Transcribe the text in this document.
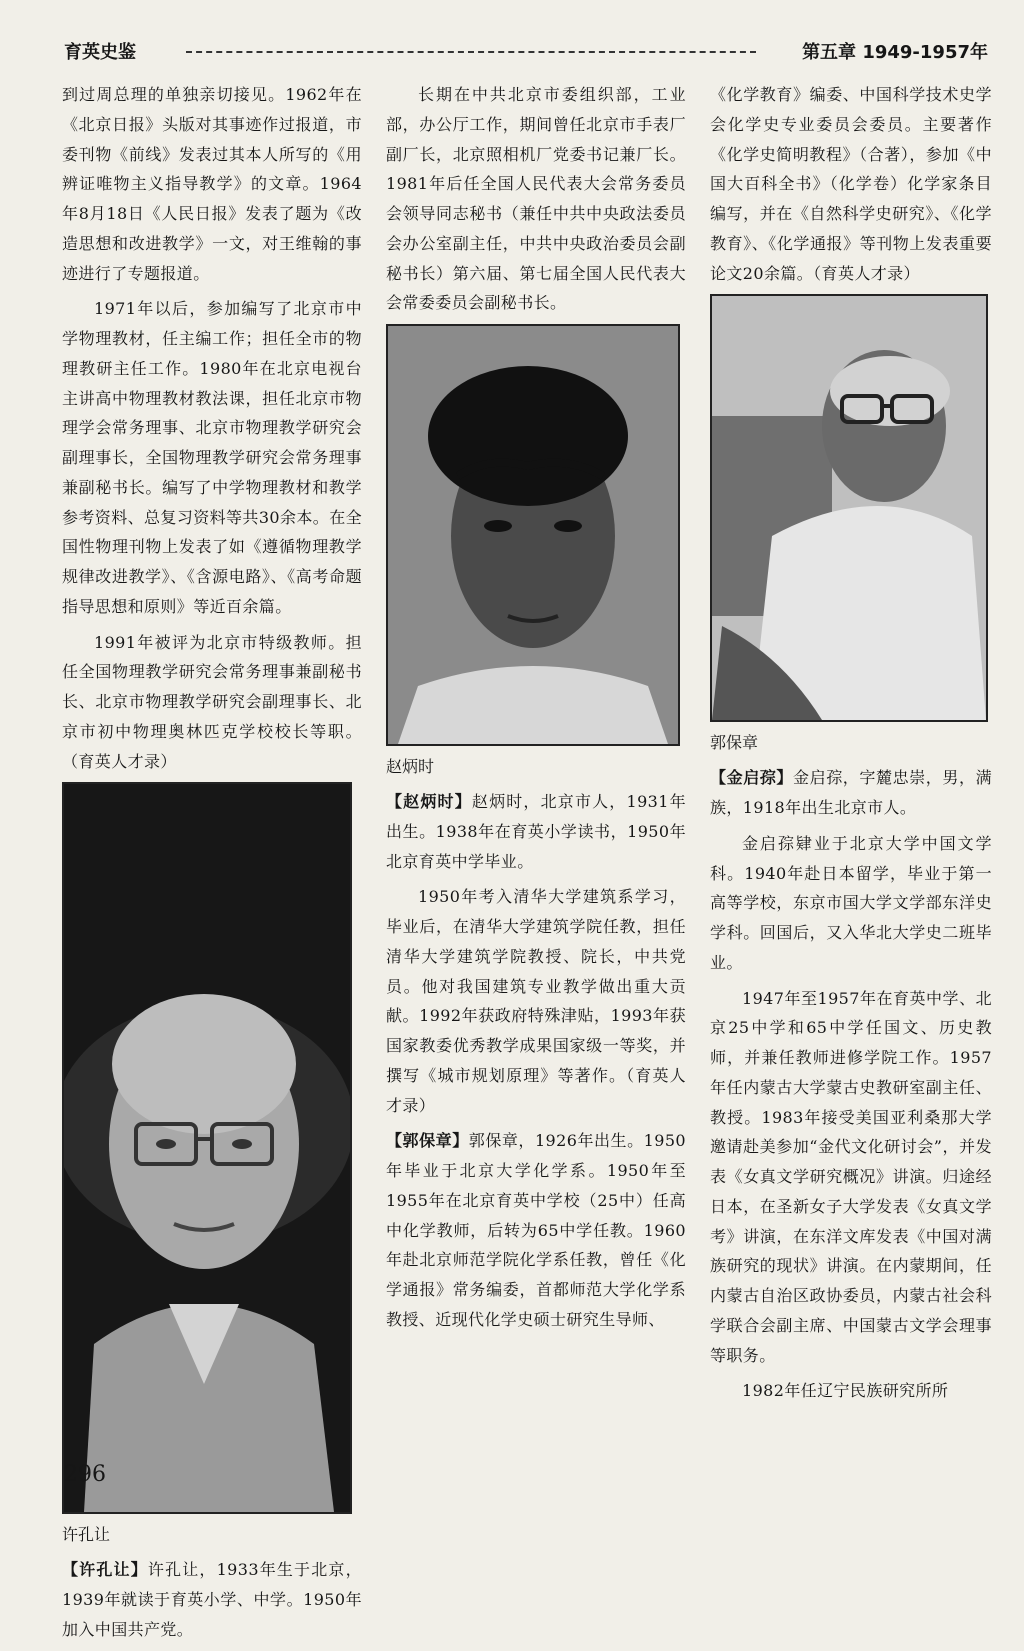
育英史鉴	第五章 1949-1957年

到过周总理的单独亲切接见。1962年在《北京日报》头版对其事迹作过报道，市委刊物《前线》发表过其本人所写的《用辨证唯物主义指导教学》的文章。1964年8月18日《人民日报》发表了题为《改造思想和改进教学》一文，对王维翰的事迹进行了专题报道。

1971年以后，参加编写了北京市中学物理教材，任主编工作；担任全市的物理教研主任工作。1980年在北京电视台主讲高中物理教材教法课，担任北京市物理学会常务理事、北京市物理教学研究会副理事长，全国物理教学研究会常务理事兼副秘书长。编写了中学物理教材和教学参考资料、总复习资料等共30余本。在全国性物理刊物上发表了如《遵循物理教学规律改进教学》、《含源电路》、《高考命题指导思想和原则》等近百余篇。

1991年被评为北京市特级教师。担任全国物理教学研究会常务理事兼副秘书长、北京市物理教学研究会副理事长、北京市初中物理奥林匹克学校校长等职。（育英人才录）

许孔让

【许孔让】许孔让，1933年生于北京，1939年就读于育英小学、中学。1950年加入中国共产党。

长期在中共北京市委组织部，工业部，办公厅工作，期间曾任北京市手表厂副厂长，北京照相机厂党委书记兼厂长。1981年后任全国人民代表大会常务委员会领导同志秘书（兼任中共中央政法委员会办公室副主任，中共中央政治委员会副秘书长）第六届、第七届全国人民代表大会常委委员会副秘书长。

赵炳时

【赵炳时】赵炳时，北京市人，1931年出生。1938年在育英小学读书，1950年北京育英中学毕业。

1950年考入清华大学建筑系学习，毕业后，在清华大学建筑学院任教，担任清华大学建筑学院教授、院长，中共党员。他对我国建筑专业教学做出重大贡献。1992年获政府特殊津贴，1993年获国家教委优秀教学成果国家级一等奖，并撰写《城市规划原理》等著作。（育英人才录）

【郭保章】郭保章，1926年出生。1950年毕业于北京大学化学系。1950年至1955年在北京育英中学校（25中）任高中化学教师，后转为65中学任教。1960年赴北京师范学院化学系任教，曾任《化学通报》常务编委，首都师范大学化学系教授、近现代化学史硕士研究生导师、

《化学教育》编委、中国科学技术史学会化学史专业委员会委员。主要著作《化学史简明教程》（合著），参加《中国大百科全书》（化学卷）化学家条目编写，并在《自然科学史研究》、《化学教育》、《化学通报》等刊物上发表重要论文20余篇。（育英人才录）

郭保章

【金启孮】金启孮，字麓忠崇，男，满族，1918年出生北京市人。

金启孮肄业于北京大学中国文学科。1940年赴日本留学，毕业于第一高等学校，东京市国大学文学部东洋史学科。回国后，又入华北大学史二班毕业。

1947年至1957年在育英中学、北京25中学和65中学任国文、历史教师，并兼任教师进修学院工作。1957年任内蒙古大学蒙古史教研室副主任、教授。1983年接受美国亚利桑那大学邀请赴美参加“金代文化研讨会”，并发表《女真文学研究概况》讲演。归途经日本，在圣新女子大学发表《女真文学考》讲演，在东洋文库发表《中国对满族研究的现状》讲演。在内蒙期间，任内蒙古自治区政协委员，内蒙古社会科学联合会副主席、中国蒙古文学会理事等职务。

1982年任辽宁民族研究所所

296
